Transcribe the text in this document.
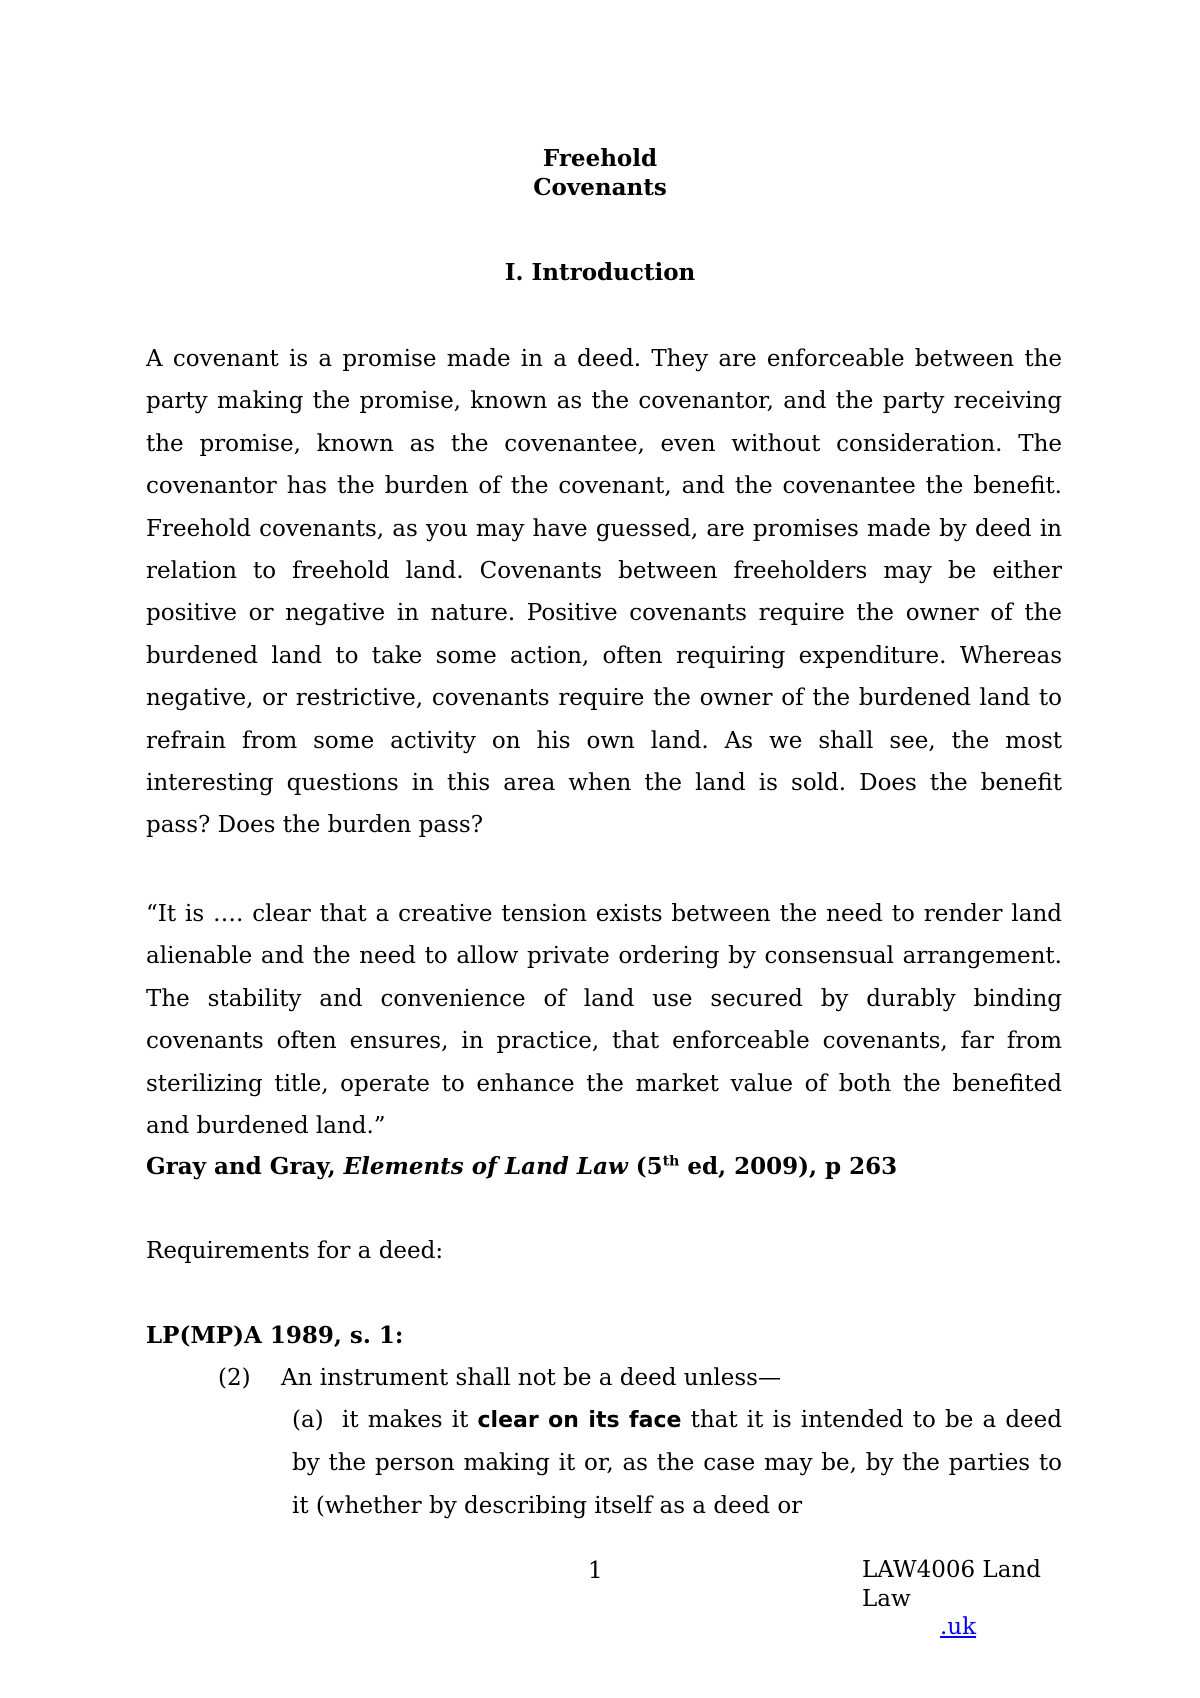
Freehold
Covenants
I. Introduction
A covenant is a promise made in a deed. They are enforceable between the party making the promise, known as the covenantor, and the party receiving the promise, known as the covenantee, even without consideration. The covenantor has the burden of the covenant, and the covenantee the benefit. Freehold covenants, as you may have guessed, are promises made by deed in relation to freehold land. Covenants between freeholders may be either positive or negative in nature. Positive covenants require the owner of the burdened land to take some action, often requiring expenditure. Whereas negative, or restrictive, covenants require the owner of the burdened land to refrain from some activity on his own land. As we shall see, the most interesting questions in this area when the land is sold. Does the benefit pass? Does the burden pass?
“It is …. clear that a creative tension exists between the need to render land alienable and the need to allow private ordering by consensual arrangement. The stability and convenience of land use secured by durably binding covenants often ensures, in practice, that enforceable covenants, far from sterilizing title, operate to enhance the market value of both the benefited and burdened land.”
Gray and Gray, Elements of Land Law (5th ed, 2009), p 263
Requirements for a deed:
LP(MP)A 1989, s. 1:
(2) An instrument shall not be a deed unless—
(a) it makes it clear on its face that it is intended to be a deed by the person making it or, as the case may be, by the parties to it (whether by describing itself as a deed or
1	LAW4006 Land Law
.uk
